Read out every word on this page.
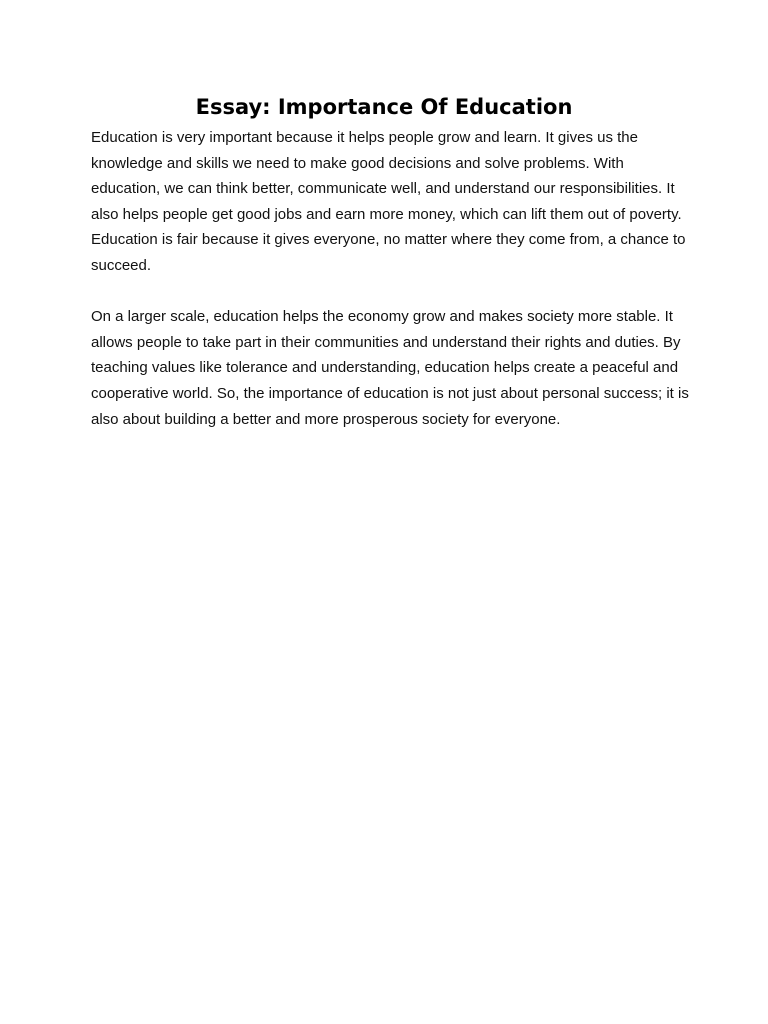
Essay: Importance Of Education

Education is very important because it helps people grow and learn. It gives us the knowledge and skills we need to make good decisions and solve problems. With education, we can think better, communicate well, and understand our responsibilities. It also helps people get good jobs and earn more money, which can lift them out of poverty. Education is fair because it gives everyone, no matter where they come from, a chance to succeed.

On a larger scale, education helps the economy grow and makes society more stable. It allows people to take part in their communities and understand their rights and duties. By teaching values like tolerance and understanding, education helps create a peaceful and cooperative world. So, the importance of education is not just about personal success; it is also about building a better and more prosperous society for everyone.
